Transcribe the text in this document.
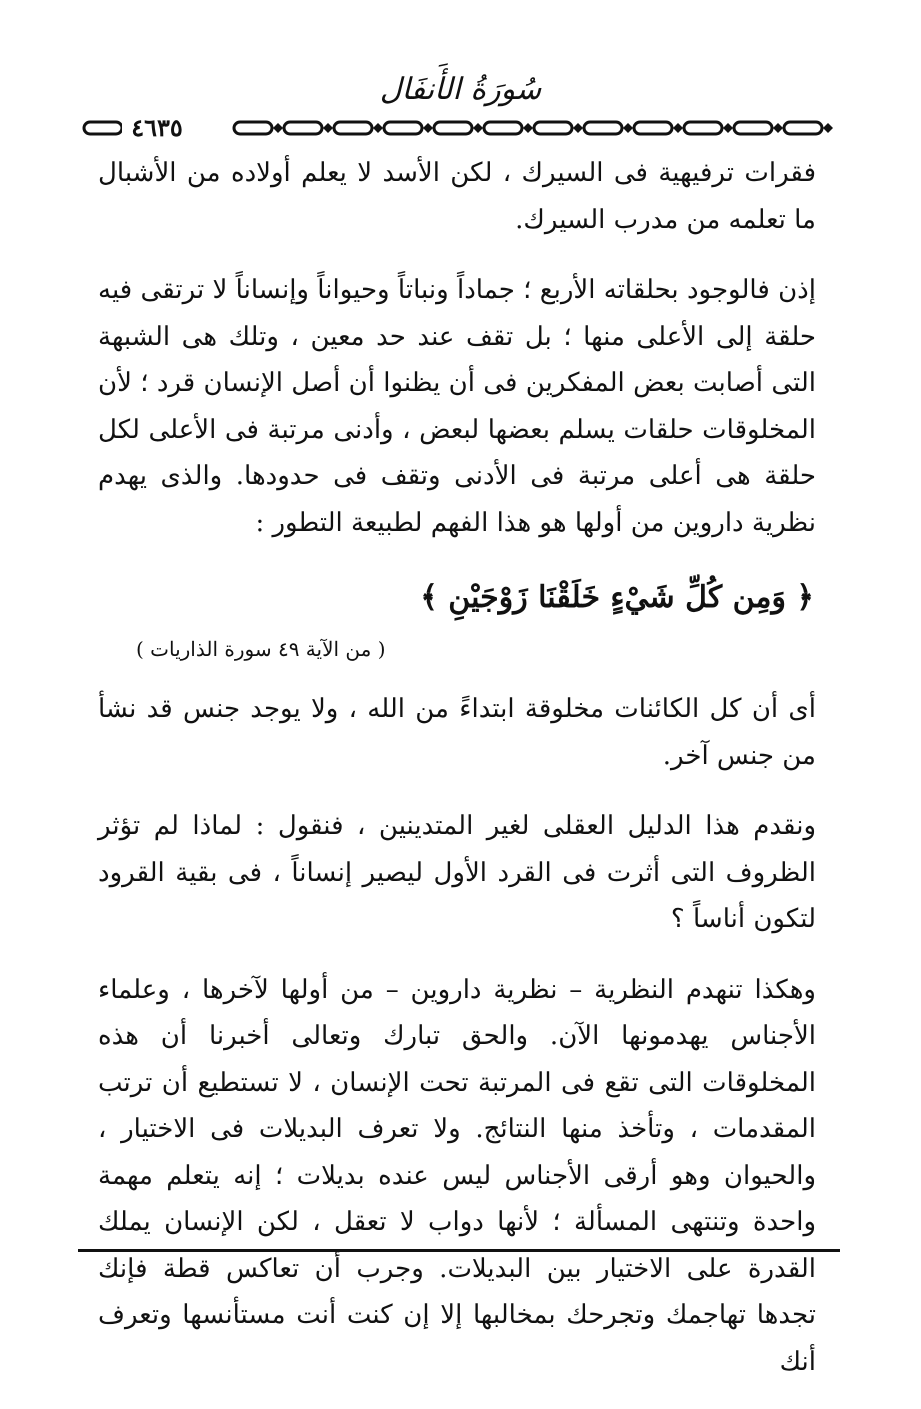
سُورَةُ الأَنفَال
٤٦٣٥

فقرات ترفيهية فى السيرك ، لكن الأسد لا يعلم أولاده من الأشبال ما تعلمه من مدرب السيرك.

إذن فالوجود بحلقاته الأربع ؛ جماداً ونباتاً وحيواناً وإنساناً لا ترتقى فيه حلقة إلى الأعلى منها ؛ بل تقف عند حد معين ، وتلك هى الشبهة التى أصابت بعض المفكرين فى أن يظنوا أن أصل الإنسان قرد ؛ لأن المخلوقات حلقات يسلم بعضها لبعض ، وأدنى مرتبة فى الأعلى لكل حلقة هى أعلى مرتبة فى الأدنى وتقف فى حدودها. والذى يهدم نظرية داروين من أولها هو هذا الفهم لطبيعة التطور :

﴿ وَمِن كُلِّ شَيْءٍ خَلَقْنَا زَوْجَيْنِ ﴾
( من الآية ٤٩ سورة الذاريات )

أى أن كل الكائنات مخلوقة ابتداءً من الله ، ولا يوجد جنس قد نشأ من جنس آخر.

ونقدم هذا الدليل العقلى لغير المتدينين ، فنقول : لماذا لم تؤثر الظروف التى أثرت فى القرد الأول ليصير إنساناً ، فى بقية القرود لتكون أناساً ؟

وهكذا تنهدم النظرية – نظرية داروين – من أولها لآخرها ، وعلماء الأجناس يهدمونها الآن. والحق تبارك وتعالى أخبرنا أن هذه المخلوقات التى تقع فى المرتبة تحت الإنسان ، لا تستطيع أن ترتب المقدمات ، وتأخذ منها النتائج. ولا تعرف البديلات فى الاختيار ، والحيوان وهو أرقى الأجناس ليس عنده بديلات ؛ إنه يتعلم مهمة واحدة وتنتهى المسألة ؛ لأنها دواب لا تعقل ، لكن الإنسان يملك القدرة على الاختيار بين البديلات. وجرب أن تعاكس قطة فإنك تجدها تهاجمك وتجرحك بمخالبها إلا إن كنت أنت مستأنسها وتعرف أنك
